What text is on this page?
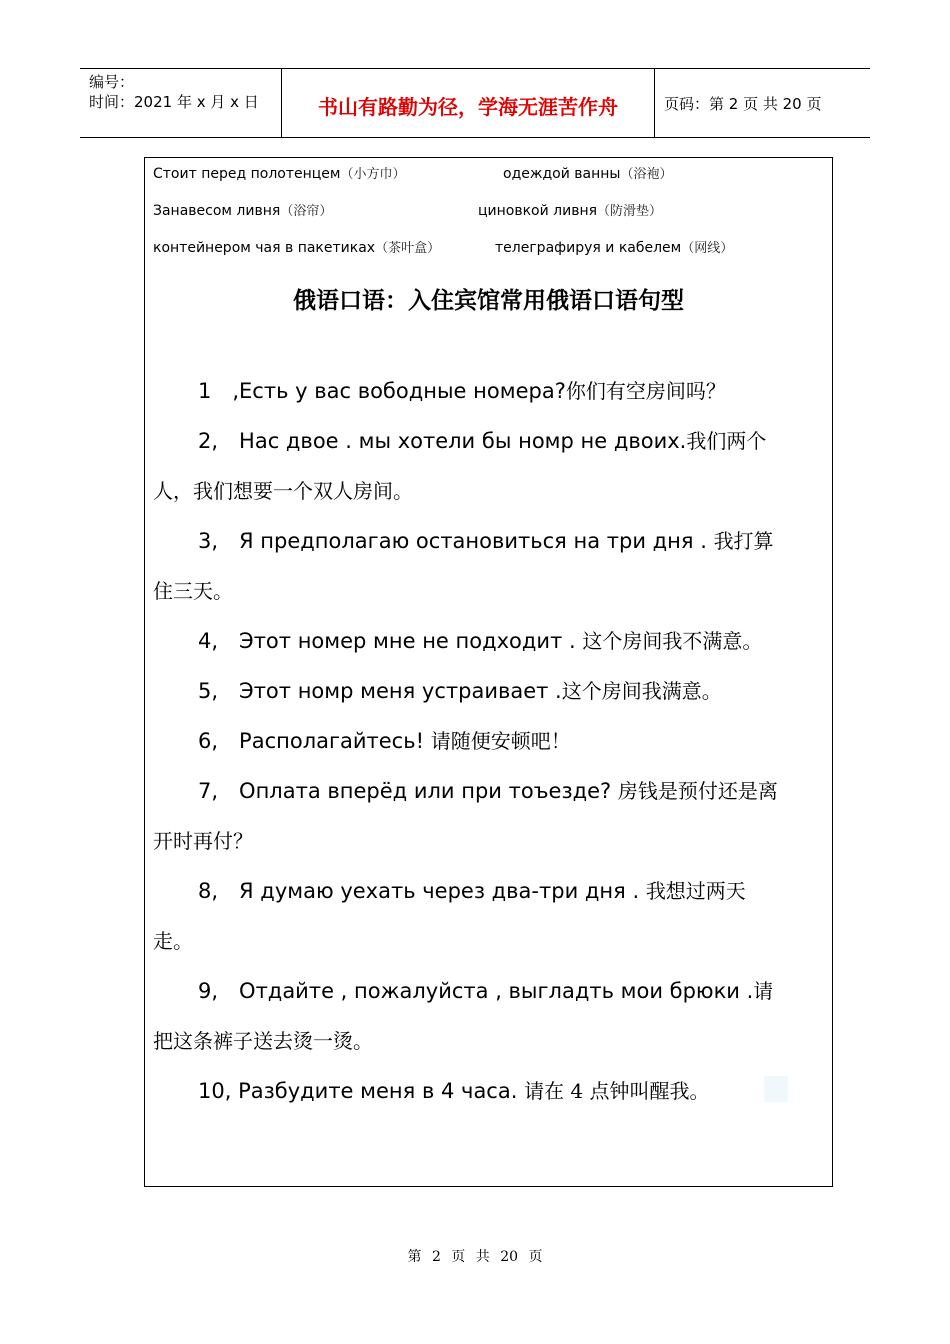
编号：
时间：2021 年 x 月 x 日	书山有路勤为径，学海无涯苦作舟	页码：第 2 页 共 20 页
Стоит перед полотенцем（小方巾）	одеждой ванны（浴袍）
Занавесом ливня（浴帘）	циновкой ливня（防滑垫）
контейнером чая в пакетиках（茶叶盒）	телеграфируя и кабелем（网线）
俄语口语：入住宾馆常用俄语口语句型
1　,Есть у вас вободные номера?你们有空房间吗？
2,　Нас двое . мы хотели бы номр не двоих.我们两个
人，我们想要一个双人房间。
3,　Я предполагаю остановиться на три дня . 我打算
住三天。
4,　Этот номер мне не подходит . 这个房间我不满意。
5,　Этот номр меня устраивает .这个房间我满意。
6,　Располагайтесь! 请随便安顿吧！
7,　Оплата вперёд или при тоъезде? 房钱是预付还是离
开时再付？
8,　Я думаю уехать через два-три дня . 我想过两天
走。
9,　Отдайте , пожалуйста , выгладть мои брюки .请
把这条裤子送去烫一烫。
10, Разбудите меня в 4 часа. 请在 4 点钟叫醒我。
第 2 页 共 20 页
